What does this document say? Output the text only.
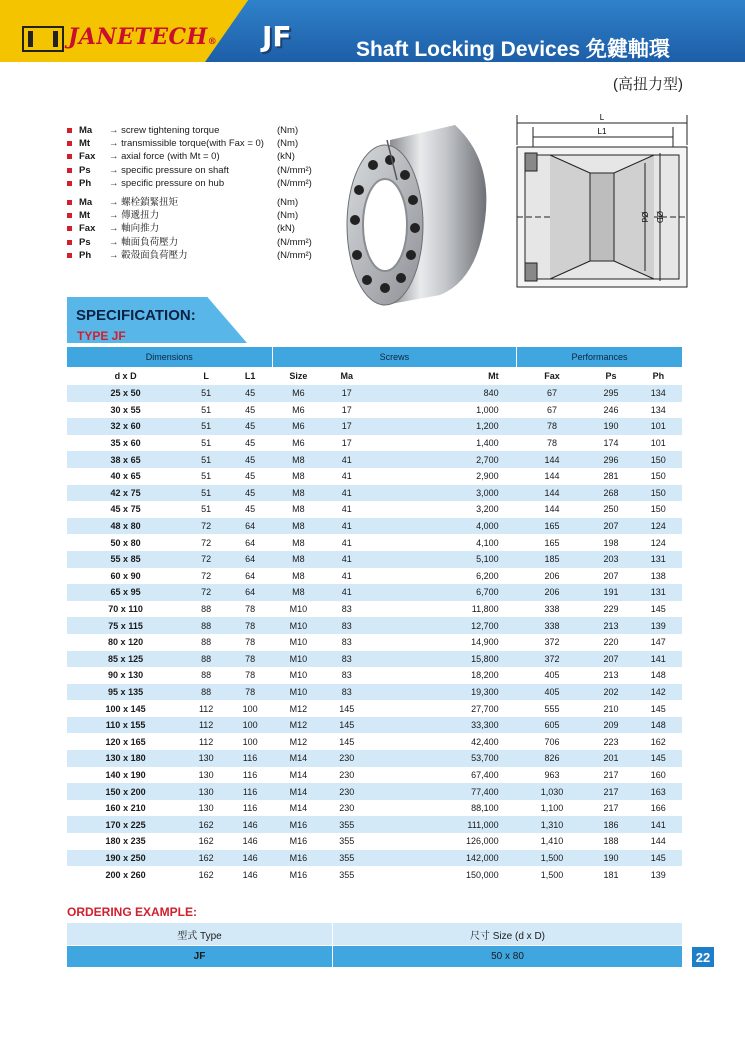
JANETECH® JF	Shaft Locking Devices 免鍵軸環
(高扭力型)
Ma → screw tightening torque	(Nm)
Mt → transmissible torque(with Fax = 0) (Nm)
Fax → axial force (with Mt = 0)	(kN)
Ps → specific pressure on shaft	(N/mm²)
Ph → specific pressure on hub	(N/mm²)
Ma → 螺栓鎖緊扭矩	(Nm)
Mt → 傳遞扭力	(Nm)
Fax → 軸向推力	(kN)
Ps → 軸面負荷壓力	(N/mm²)
Ph → 轂殼面負荷壓力	(N/mm²)
L
L1
Ød ØD
SPECIFICATION:
TYPE JF
Dimensions			Screws			Performances		
d x D	L	L1	Size	Ma	Mt	Fax	Ps	Ph
25 x 50	51	45	M6	17	840	67	295	134
30 x 55	51	45	M6	17	1,000	67	246	134
32 x 60	51	45	M6	17	1,200	78	190	101
35 x 60	51	45	M6	17	1,400	78	174	101
38 x 65	51	45	M8	41	2,700	144	296	150
40 x 65	51	45	M8	41	2,900	144	281	150
42 x 75	51	45	M8	41	3,000	144	268	150
45 x 75	51	45	M8	41	3,200	144	250	150
48 x 80	72	64	M8	41	4,000	165	207	124
50 x 80	72	64	M8	41	4,100	165	198	124
55 x 85	72	64	M8	41	5,100	185	203	131
60 x 90	72	64	M8	41	6,200	206	207	138
65 x 95	72	64	M8	41	6,700	206	191	131
70 x 110	88	78	M10	83	11,800	338	229	145
75 x 115	88	78	M10	83	12,700	338	213	139
80 x 120	88	78	M10	83	14,900	372	220	147
85 x 125	88	78	M10	83	15,800	372	207	141
90 x 130	88	78	M10	83	18,200	405	213	148
95 x 135	88	78	M10	83	19,300	405	202	142
100 x 145	112	100	M12	145	27,700	555	210	145
110 x 155	112	100	M12	145	33,300	605	209	148
120 x 165	112	100	M12	145	42,400	706	223	162
130 x 180	130	116	M14	230	53,700	826	201	145
140 x 190	130	116	M14	230	67,400	963	217	160
150 x 200	130	116	M14	230	77,400	1,030	217	163
160 x 210	130	116	M14	230	88,100	1,100	217	166
170 x 225	162	146	M16	355	111,000	1,310	186	141
180 x 235	162	146	M16	355	126,000	1,410	188	144
190 x 250	162	146	M16	355	142,000	1,500	190	145
200 x 260	162	146	M16	355	150,000	1,500	181	139
ORDERING EXAMPLE:
型式 Type	尺寸 Size (d x D)
JF	50 x 80	22
